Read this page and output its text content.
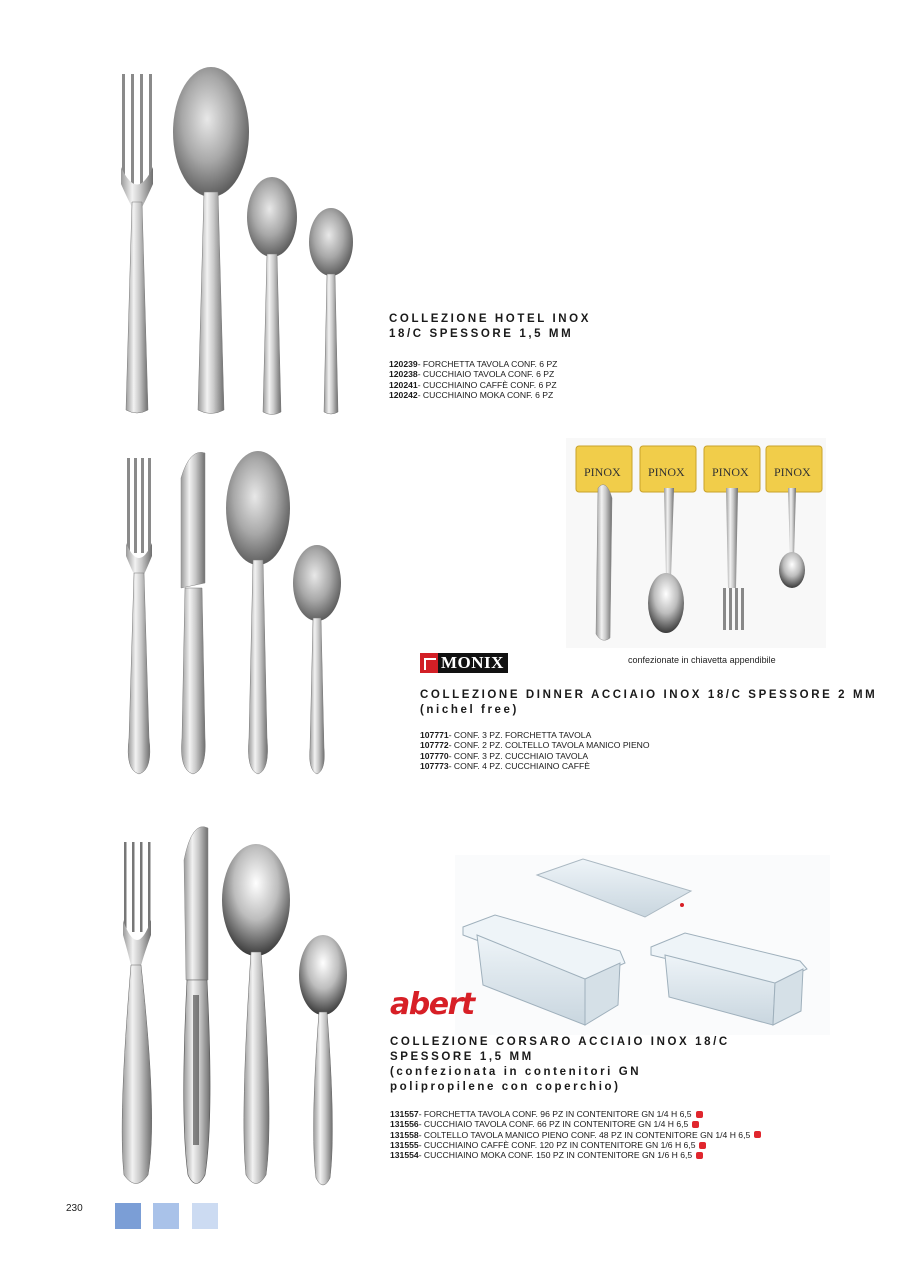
COLLEZIONE HOTEL INOX
18/C SPESSORE 1,5 MM
120239 - FORCHETTA TAVOLA CONF. 6 PZ
120238 - CUCCHIAIO TAVOLA CONF. 6 PZ
120241 - CUCCHIAINO CAFFÈ CONF. 6 PZ
120242 - CUCCHIAINO MOKA CONF. 6 PZ
PINOX PINOX PINOX PINOX
confezionate in chiavetta appendibile
MONIX
COLLEZIONE DINNER ACCIAIO INOX 18/C SPESSORE 2 MM
(nichel free)
107771 - CONF. 3 PZ. FORCHETTA TAVOLA
107772 - CONF. 2 PZ. COLTELLO TAVOLA MANICO PIENO
107770 - CONF. 3 PZ. CUCCHIAIO TAVOLA
107773 - CONF. 4 PZ. CUCCHIAINO CAFFÈ
abert
COLLEZIONE CORSARO ACCIAIO INOX 18/C
SPESSORE 1,5 MM
(confezionata in contenitori GN
polipropilene con coperchio)
131557 - FORCHETTA TAVOLA CONF. 96 PZ IN CONTENITORE GN 1/4 H 6,5
131556 - CUCCHIAIO TAVOLA CONF. 66 PZ IN CONTENITORE GN 1/4 H 6,5
131558 - COLTELLO TAVOLA MANICO PIENO CONF. 48 PZ IN CONTENITORE GN 1/4 H 6,5
131555 - CUCCHIAINO CAFFÈ CONF. 120 PZ IN CONTENITORE GN 1/6 H 6,5
131554 - CUCCHIAINO MOKA CONF. 150 PZ IN CONTENITORE GN 1/6 H 6,5
230
